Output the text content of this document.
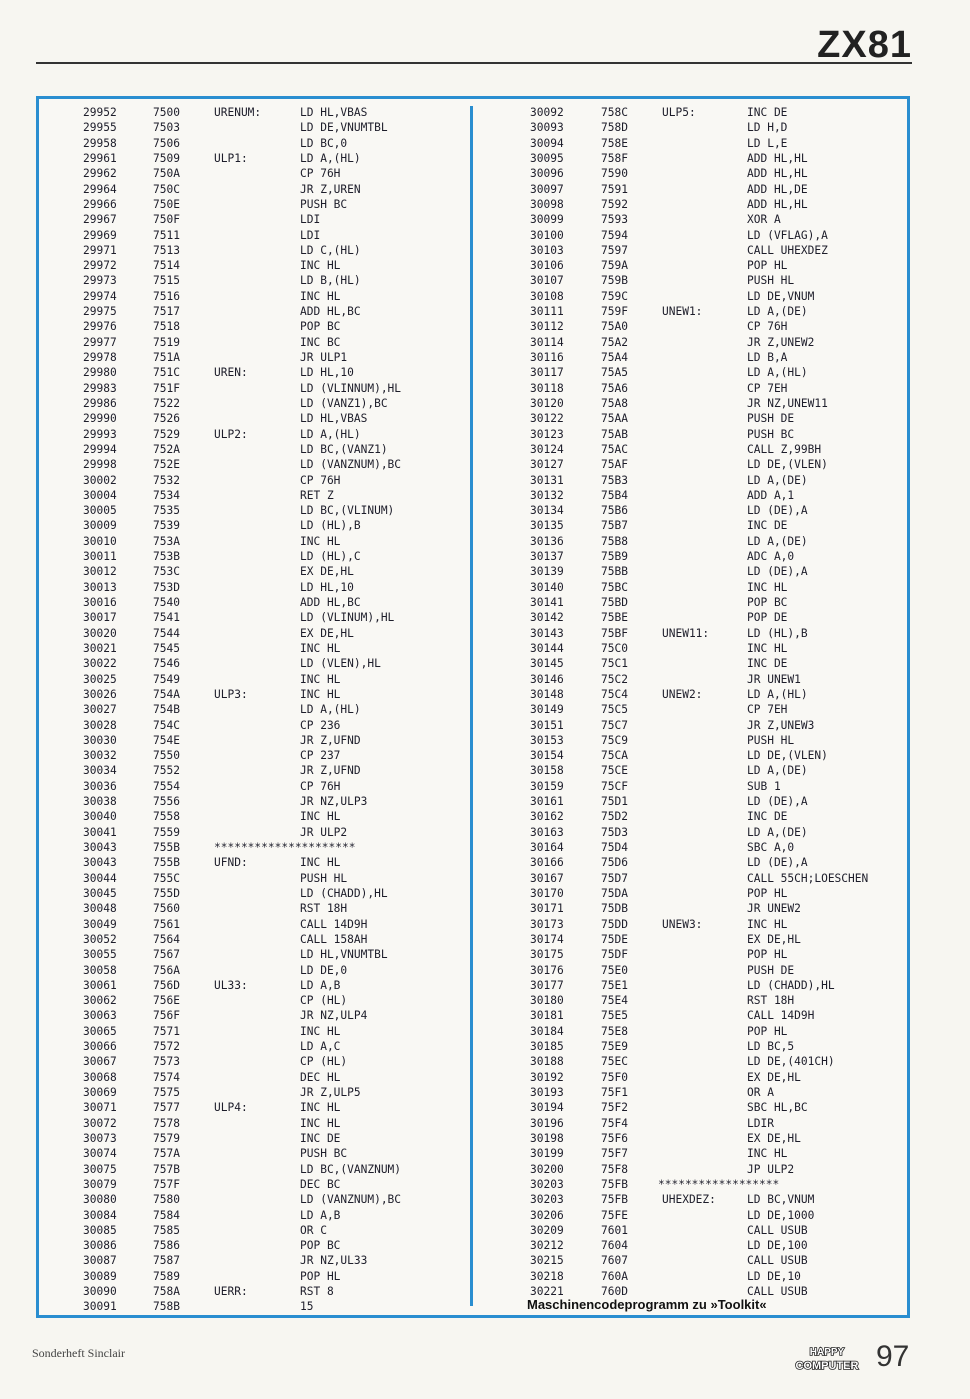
ZX81
29952	7500	URENUM:	LD HL,VBAS
29955	7503	LD DE,VNUMTBL
29958	7506	LD BC,0
29961	7509	ULP1:	LD A,(HL)
29962	750A	CP 76H
29964	750C	JR Z,UREN
29966	750E	PUSH BC
29967	750F	LDI
29969	7511	LDI
29971	7513	LD C,(HL)
29972	7514	INC HL
29973	7515	LD B,(HL)
29974	7516	INC HL
29975	7517	ADD HL,BC
29976	7518	POP BC
29977	7519	INC BC
29978	751A	JR ULP1
29980	751C	UREN:	LD HL,10
29983	751F	LD (VLINNUM),HL
29986	7522	LD (VANZ1),BC
29990	7526	LD HL,VBAS
29993	7529	ULP2:	LD A,(HL)
29994	752A	LD BC,(VANZ1)
29998	752E	LD (VANZNUM),BC
30002	7532	CP 76H
30004	7534	RET Z
30005	7535	LD BC,(VLINUM)
30009	7539	LD (HL),B
30010	753A	INC HL
30011	753B	LD (HL),C
30012	753C	EX DE,HL
30013	753D	LD HL,10
30016	7540	ADD HL,BC
30017	7541	LD (VLINUM),HL
30020	7544	EX DE,HL
30021	7545	INC HL
30022	7546	LD (VLEN),HL
30025	7549	INC HL
30026	754A	ULP3:	INC HL
30027	754B	LD A,(HL)
30028	754C	CP 236
30030	754E	JR Z,UFND
30032	7550	CP 237
30034	7552	JR Z,UFND
30036	7554	CP 76H
30038	7556	JR NZ,ULP3
30040	7558	INC HL
30041	7559	JR ULP2
30043	755B	*********************
30043	755B	UFND:	INC HL
30044	755C	PUSH HL
30045	755D	LD (CHADD),HL
30048	7560	RST 18H
30049	7561	CALL 14D9H
30052	7564	CALL 158AH
30055	7567	LD HL,VNUMTBL
30058	756A	LD DE,0
30061	756D	UL33:	LD A,B
30062	756E	CP (HL)
30063	756F	JR NZ,ULP4
30065	7571	INC HL
30066	7572	LD A,C
30067	7573	CP (HL)
30068	7574	DEC HL
30069	7575	JR Z,ULP5
30071	7577	ULP4:	INC HL
30072	7578	INC HL
30073	7579	INC DE
30074	757A	PUSH BC
30075	757B	LD BC,(VANZNUM)
30079	757F	DEC BC
30080	7580	LD (VANZNUM),BC
30084	7584	LD A,B
30085	7585	OR C
30086	7586	POP BC
30087	7587	JR NZ,UL33
30089	7589	POP HL
30090	758A	UERR:	RST 8
30091	758B	15
30092	758C	ULP5:	INC DE
30093	758D	LD H,D
30094	758E	LD L,E
30095	758F	ADD HL,HL
30096	7590	ADD HL,HL
30097	7591	ADD HL,DE
30098	7592	ADD HL,HL
30099	7593	XOR A
30100	7594	LD (VFLAG),A
30103	7597	CALL UHEXDEZ
30106	759A	POP HL
30107	759B	PUSH HL
30108	759C	LD DE,VNUM
30111	759F	UNEW1:	LD A,(DE)
30112	75A0	CP 76H
30114	75A2	JR Z,UNEW2
30116	75A4	LD B,A
30117	75A5	LD A,(HL)
30118	75A6	CP 7EH
30120	75A8	JR NZ,UNEW11
30122	75AA	PUSH DE
30123	75AB	PUSH BC
30124	75AC	CALL Z,99BH
30127	75AF	LD DE,(VLEN)
30131	75B3	LD A,(DE)
30132	75B4	ADD A,1
30134	75B6	LD (DE),A
30135	75B7	INC DE
30136	75B8	LD A,(DE)
30137	75B9	ADC A,0
30139	75BB	LD (DE),A
30140	75BC	INC HL
30141	75BD	POP BC
30142	75BE	POP DE
30143	75BF	UNEW11:	LD (HL),B
30144	75C0	INC HL
30145	75C1	INC DE
30146	75C2	JR UNEW1
30148	75C4	UNEW2:	LD A,(HL)
30149	75C5	CP 7EH
30151	75C7	JR Z,UNEW3
30153	75C9	PUSH HL
30154	75CA	LD DE,(VLEN)
30158	75CE	LD A,(DE)
30159	75CF	SUB 1
30161	75D1	LD (DE),A
30162	75D2	INC DE
30163	75D3	LD A,(DE)
30164	75D4	SBC A,0
30166	75D6	LD (DE),A
30167	75D7	CALL 55CH;LOESCHEN
30170	75DA	POP HL
30171	75DB	JR UNEW2
30173	75DD	UNEW3:	INC HL
30174	75DE	EX DE,HL
30175	75DF	POP HL
30176	75E0	PUSH DE
30177	75E1	LD (CHADD),HL
30180	75E4	RST 18H
30181	75E5	CALL 14D9H
30184	75E8	POP HL
30185	75E9	LD BC,5
30188	75EC	LD DE,(401CH)
30192	75F0	EX DE,HL
30193	75F1	OR A
30194	75F2	SBC HL,BC
30196	75F4	LDIR
30198	75F6	EX DE,HL
30199	75F7	INC HL
30200	75F8	JP ULP2
30203	75FB	******************
30203	75FB	UHEXDEZ:	LD BC,VNUM
30206	75FE	LD DE,1000
30209	7601	CALL USUB
30212	7604	LD DE,100
30215	7607	CALL USUB
30218	760A	LD DE,10
30221	760D	CALL USUB
Maschinencodeprogramm zu »Toolkit«
Sonderheft Sinclair	HAPPY
COMPUTER 97
